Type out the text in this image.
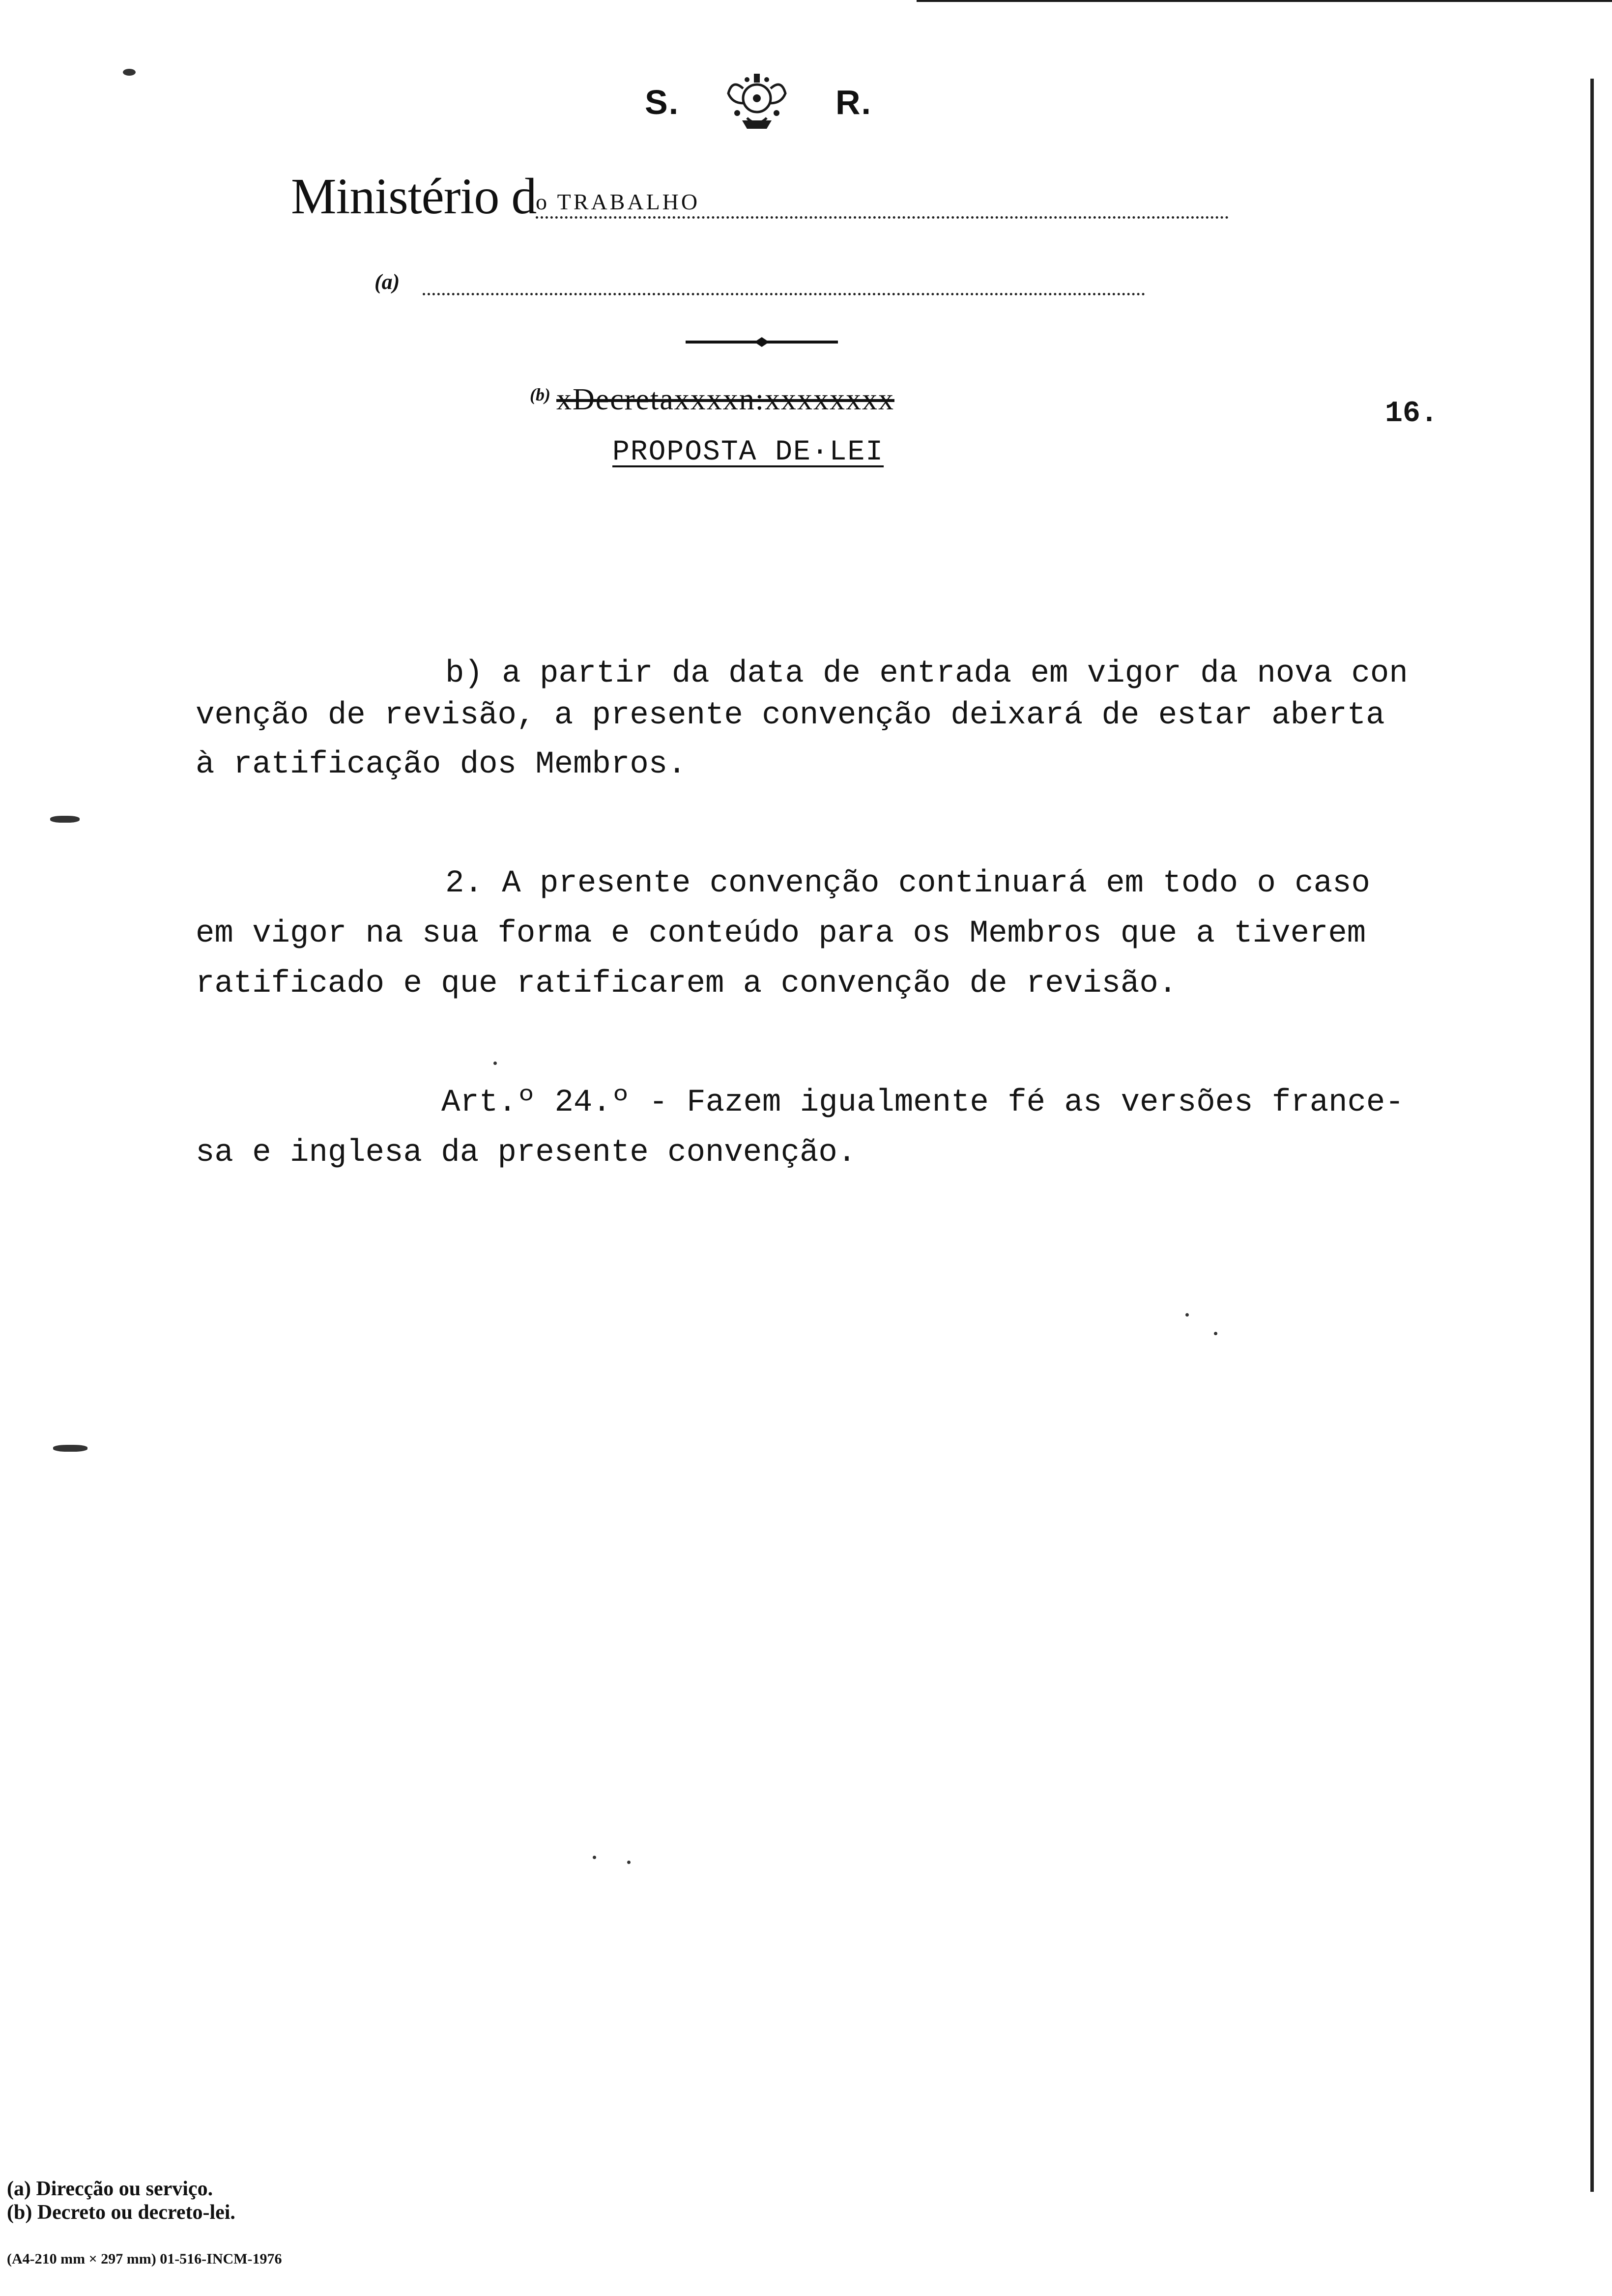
S.	R.
Ministério d
o TRABALHO
(a)
(b) xDecretaxxxxn:xxxxxxxx	16.
PROPOSTA DE·LEI
b) a partir da data de entrada em vigor da nova con
venção de revisão, a presente convenção deixará de estar aberta
à ratificação dos Membros.
2. A presente convenção continuará em todo o caso
em vigor na sua forma e conteúdo para os Membros que a tiverem
ratificado e que ratificarem a convenção de revisão.
Art.º 24.º - Fazem igualmente fé as versões france-
sa e inglesa da presente convenção.
(a) Direcção ou serviço.
(b) Decreto ou decreto-lei.
(A4-210 mm × 297 mm) 01-516-INCM-1976
